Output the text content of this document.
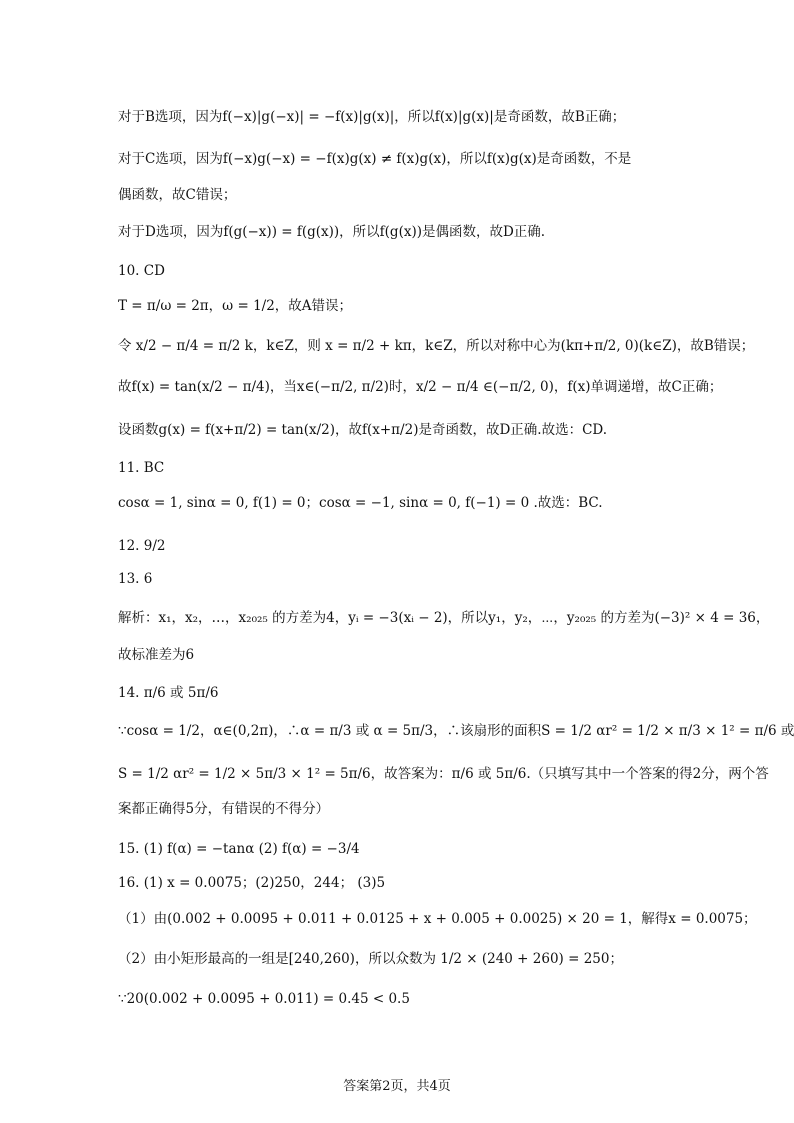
对于B选项，因为f(−x)|g(−x)| = −f(x)|g(x)|，所以f(x)|g(x)|是奇函数，故B正确；
对于C选项，因为f(−x)g(−x) = −f(x)g(x) ≠ f(x)g(x)，所以f(x)g(x)是奇函数，不是
偶函数，故C错误；
对于D选项，因为f(g(−x)) = f(g(x))，所以f(g(x))是偶函数，故D正确.
10. CD
T = π/ω = 2π，ω = 1/2，故A错误；
令 x/2 − π/4 = π/2 k，k∈Z，则 x = π/2 + kπ，k∈Z，所以对称中心为(kπ+π/2, 0)(k∈Z)，故B错误；
故f(x) = tan(x/2 − π/4)，当x∈(−π/2, π/2)时，x/2 − π/4 ∈(−π/2, 0)，f(x)单调递增，故C正确；
设函数g(x) = f(x+π/2) = tan(x/2)，故f(x+π/2)是奇函数，故D正确.故选：CD.
11. BC
cosα = 1, sinα = 0, f(1) = 0；cosα = −1, sinα = 0, f(−1) = 0 .故选：BC.
12. 9/2
13. 6
解析：x₁，x₂，…，x₂₀₂₅ 的方差为4，yᵢ = −3(xᵢ − 2)，所以y₁，y₂，⋯，y₂₀₂₅ 的方差为(−3)² × 4 = 36，
故标准差为6
14. π/6 或 5π/6
∵cosα = 1/2，α∈(0,2π)，∴α = π/3 或 α = 5π/3，∴该扇形的面积S = 1/2 αr² = 1/2 × π/3 × 1² = π/6 或
S = 1/2 αr² = 1/2 × 5π/3 × 1² = 5π/6，故答案为：π/6 或 5π/6.（只填写其中一个答案的得2分，两个答
案都正确得5分，有错误的不得分）
15. (1) f(α) = −tanα (2) f(α) = −3/4
16. (1) x = 0.0075；(2)250，244； (3)5
（1）由(0.002 + 0.0095 + 0.011 + 0.0125 + x + 0.005 + 0.0025) × 20 = 1，解得x = 0.0075；
（2）由小矩形最高的一组是[240,260)，所以众数为 1/2 × (240 + 260) = 250；
∵20(0.002 + 0.0095 + 0.011) = 0.45 < 0.5
答案第2页，共4页
